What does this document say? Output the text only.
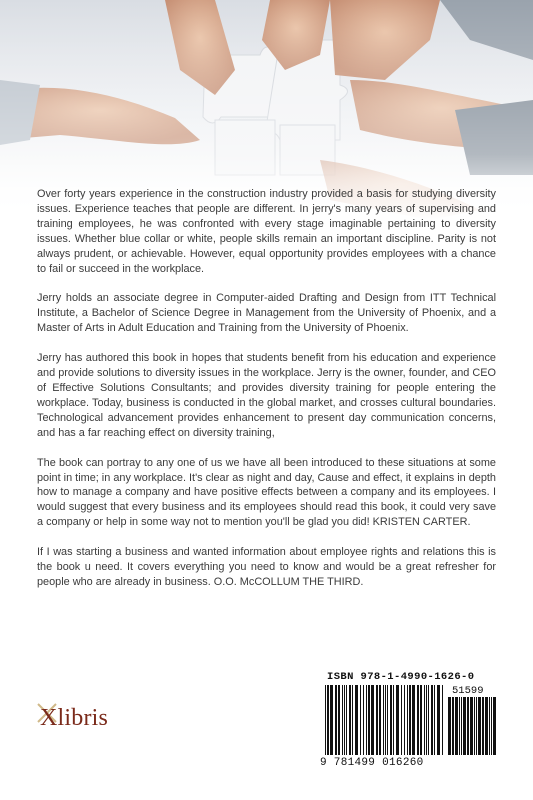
Over forty years experience in the construction industry provided a basis for studying diversity issues. Experience teaches that people are different. In jerry's many years of supervising and training employees, he was confronted with every stage imaginable pertaining to diversity issues. Whether blue collar or white, people skills remain an important discipline. Parity is not always prudent, or achievable. However, equal opportunity provides employees with a chance to fail or succeed in the workplace.

Jerry holds an associate degree in Computer-aided Drafting and Design from ITT Technical Institute, a Bachelor of Science Degree in Management from the University of Phoenix, and a Master of Arts in Adult Education and Training from the University of Phoenix.

Jerry has authored this book in hopes that students benefit from his education and experience and provide solutions to diversity issues in the workplace. Jerry is the owner, founder, and CEO of Effective Solutions Consultants; and provides diversity training for people entering the workplace. Today, business is conducted in the global market, and crosses cultural boundaries. Technological advancement provides enhancement to present day communication concerns, and has a far reaching effect on diversity training,

The book can portray to any one of us we have all been introduced to these situations at some point in time; in any workplace. It's clear as night and day, Cause and effect, it explains in depth how to manage a company and have positive effects between a company and its employees. I would suggest that every business and its employees should read this book, it could very save a company or help in some way not to mention you'll be glad you did! KRISTEN CARTER.

If I was starting a business and wanted information about employee rights and relations this is the book u need. It covers everything you need to know and would be a great refresher for people who are already in business. O.O. McCOLLUM THE THIRD.

Xlibris
ISBN 978-1-4990-1626-0
51599
9 781499 016260
